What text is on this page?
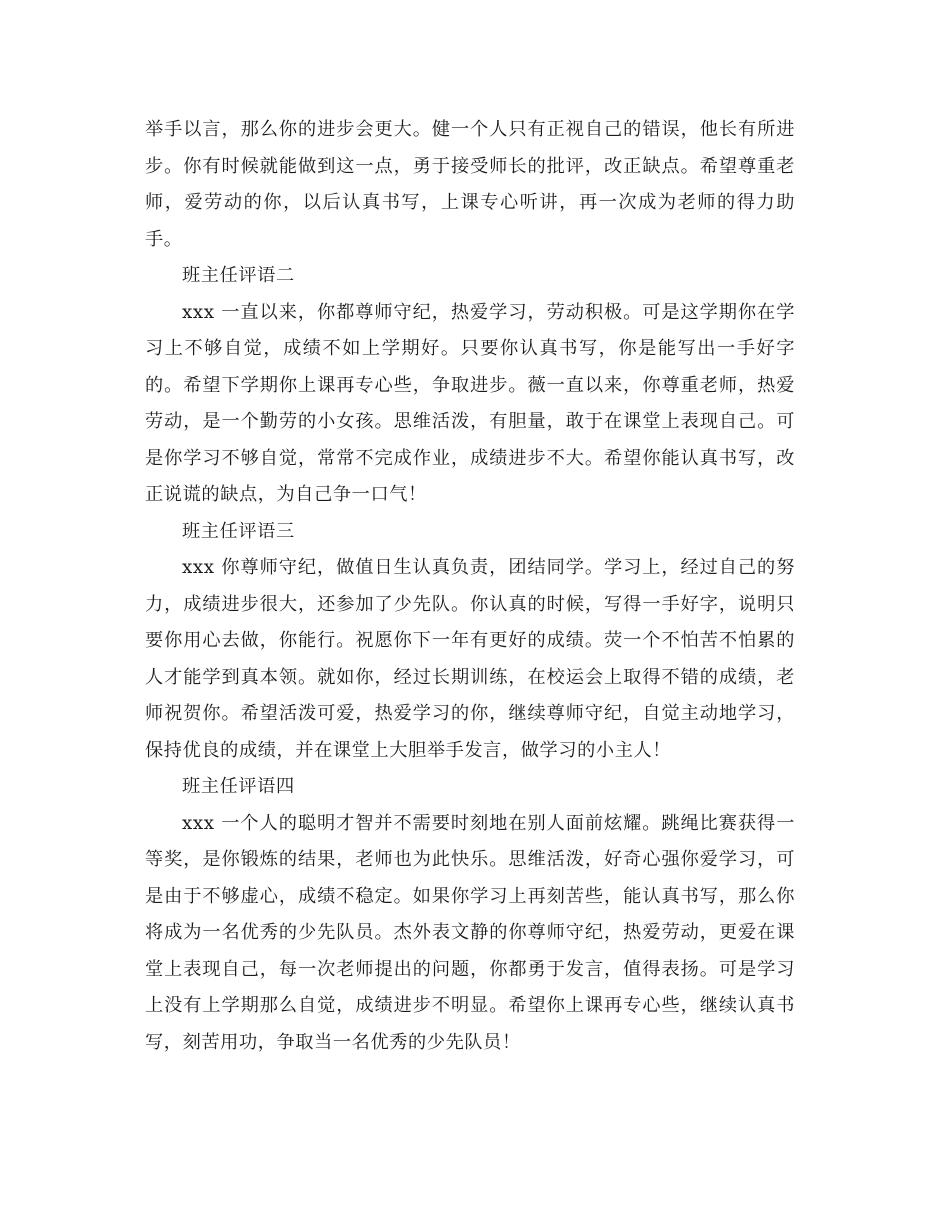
举手以言，那么你的进步会更大。健一个人只有正视自己的错误，他长有所进步。你有时候就能做到这一点，勇于接受师长的批评，改正缺点。希望尊重老师，爱劳动的你，以后认真书写，上课专心听讲，再一次成为老师的得力助手。

班主任评语二

xxx 一直以来，你都尊师守纪，热爱学习，劳动积极。可是这学期你在学习上不够自觉，成绩不如上学期好。只要你认真书写，你是能写出一手好字的。希望下学期你上课再专心些，争取进步。薇一直以来，你尊重老师，热爱劳动，是一个勤劳的小女孩。思维活泼，有胆量，敢于在课堂上表现自己。可是你学习不够自觉，常常不完成作业，成绩进步不大。希望你能认真书写，改正说谎的缺点，为自己争一口气！

班主任评语三

xxx 你尊师守纪，做值日生认真负责，团结同学。学习上，经过自己的努力，成绩进步很大，还参加了少先队。你认真的时候，写得一手好字，说明只要你用心去做，你能行。祝愿你下一年有更好的成绩。荧一个不怕苦不怕累的人才能学到真本领。就如你，经过长期训练，在校运会上取得不错的成绩，老师祝贺你。希望活泼可爱，热爱学习的你，继续尊师守纪，自觉主动地学习，保持优良的成绩，并在课堂上大胆举手发言，做学习的小主人！

班主任评语四

xxx 一个人的聪明才智并不需要时刻地在别人面前炫耀。跳绳比赛获得一等奖，是你锻炼的结果，老师也为此快乐。思维活泼，好奇心强你爱学习，可是由于不够虚心，成绩不稳定。如果你学习上再刻苦些，能认真书写，那么你将成为一名优秀的少先队员。杰外表文静的你尊师守纪，热爱劳动，更爱在课堂上表现自己，每一次老师提出的问题，你都勇于发言，值得表扬。可是学习上没有上学期那么自觉，成绩进步不明显。希望你上课再专心些，继续认真书写，刻苦用功，争取当一名优秀的少先队员！
